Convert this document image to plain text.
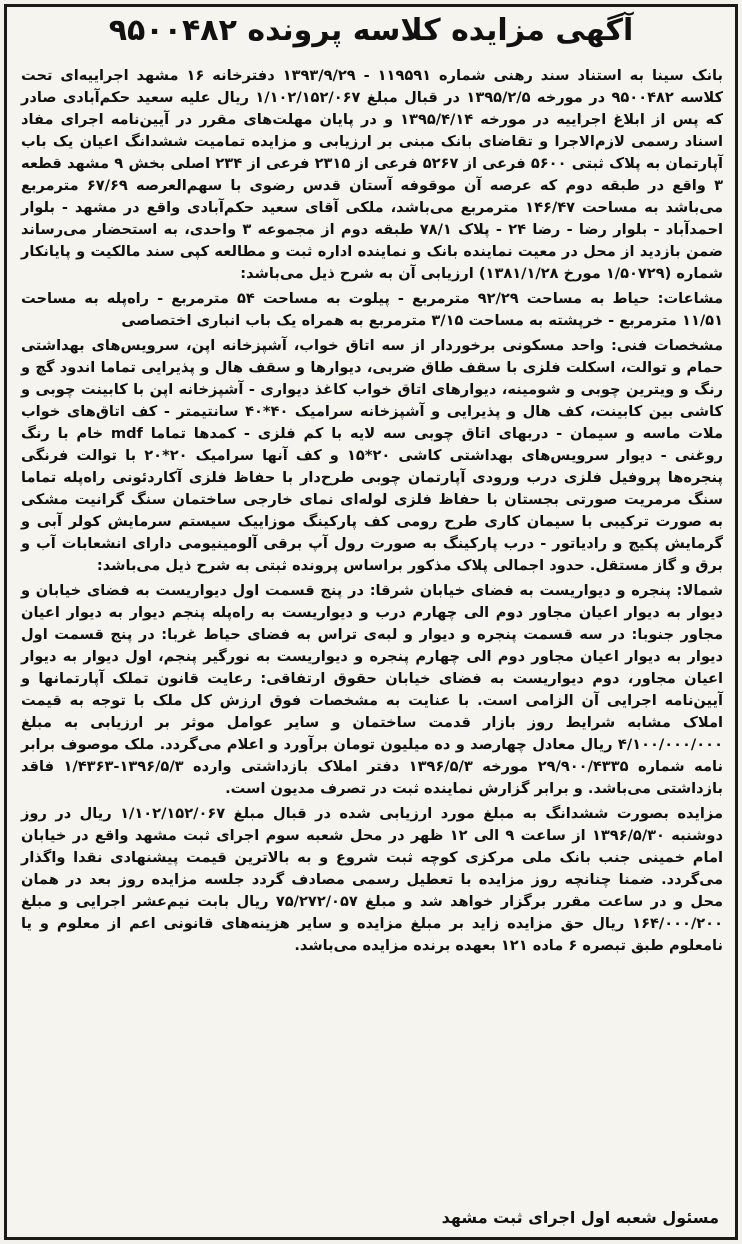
آگهی مزایده کلاسه پرونده ۹۵۰۰۴۸۲

بانک سینا به استناد سند رهنی شماره ۱۱۹۵۹۱ - ۱۳۹۳/۹/۲۹ دفترخانه ۱۶ مشهد اجراییه‌ای تحت کلاسه ۹۵۰۰۴۸۲ در مورخه ۱۳۹۵/۲/۵ در قبال مبلغ ۱/۱۰۲/۱۵۲/۰۶۷ ریال علیه سعید حکم‌آبادی صادر که پس از ابلاغ اجراییه در مورخه ۱۳۹۵/۴/۱۴ و در پایان مهلت‌های مقرر در آیین‌نامه اجرای مفاد اسناد رسمی لازم‌الاجرا و تقاضای بانک مبنی بر ارزیابی و مزایده تمامیت ششدانگ اعیان یک باب آپارتمان به پلاک ثبتی ۵۶۰۰ فرعی از ۵۲۶۷ فرعی از ۲۳۱۵ فرعی از ۲۳۴ اصلی بخش ۹ مشهد قطعه ۳ واقع در طبقه دوم که عرصه آن موقوفه آستان قدس رضوی با سهم‌العرصه ۶۷/۶۹ مترمربع می‌باشد به مساحت ۱۴۶/۴۷ مترمربع می‌باشد، ملکی آقای سعید حکم‌آبادی واقع در مشهد - بلوار احمدآباد - بلوار رضا - رضا ۲۴ - پلاک ۷۸/۱ طبقه دوم از مجموعه ۳ واحدی، به استحضار می‌رساند ضمن بازدید از محل در معیت نماینده بانک و نماینده اداره ثبت و مطالعه کپی سند مالکیت و پایانکار شماره (۱/۵۰۷۲۹ مورخ ۱۳۸۱/۱/۲۸) ارزیابی آن به شرح ذیل می‌باشد:

مشاعات: حیاط به مساحت ۹۲/۲۹ مترمربع - پیلوت به مساحت ۵۴ مترمربع - راه‌پله به مساحت ۱۱/۵۱ مترمربع - خرپشته به مساحت ۳/۱۵ مترمربع به همراه یک باب انباری اختصاصی

مشخصات فنی: واحد مسکونی برخوردار از سه اتاق خواب، آشپزخانه اپن، سرویس‌های بهداشتی حمام و توالت، اسکلت فلزی با سقف طاق ضربی، دیوارها و سقف هال و پذیرایی تماما اندود گچ و رنگ و ویترین چوبی و شومینه، دیوارهای اتاق خواب کاغذ دیواری - آشپزخانه اپن با کابینت چوبی و کاشی بین کابینت، کف هال و پذیرایی و آشپزخانه سرامیک ۴۰*۴۰ سانتیمتر - کف اتاق‌های خواب ملات ماسه و سیمان - دربهای اتاق چوبی سه لایه با کم فلزی - کمدها تماما mdf خام با رنگ روغنی - دیوار سرویس‌های بهداشتی کاشی ۲۰*۱۵ و کف آنها سرامیک ۲۰*۲۰ با توالت فرنگی پنجره‌ها پروفیل فلزی درب ورودی آپارتمان چوبی طرح‌دار با حفاظ فلزی آکاردئونی راه‌پله تماما سنگ مرمریت صورتی بجستان با حفاظ فلزی لوله‌ای نمای خارجی ساختمان سنگ گرانیت مشکی به صورت ترکیبی با سیمان کاری طرح رومی کف پارکینگ موزاییک سیستم سرمایش کولر آبی و گرمایش پکیج و رادیاتور - درب پارکینگ به صورت رول آپ برقی آلومینیومی دارای انشعابات آب و برق و گاز مستقل. حدود اجمالی پلاک مذکور براساس پرونده ثبتی به شرح ذیل می‌باشد:

شمالا: پنجره و دیواریست به فضای خیابان شرقا: در پنج قسمت اول دیواریست به فضای خیابان و دیوار به دیوار اعیان مجاور دوم الی چهارم درب و دیواریست به راه‌پله پنجم دیوار به دیوار اعیان مجاور جنوبا: در سه قسمت پنجره و دیوار و لبه‌ی تراس به فضای حیاط غربا: در پنج قسمت اول دیوار به دیوار اعیان مجاور دوم الی چهارم پنجره و دیواریست به نورگیر پنجم، اول دیوار به دیوار اعیان مجاور، دوم دیواریست به فضای خیابان حقوق ارتفاقی: رعایت قانون تملک آپارتمانها و آیین‌نامه اجرایی آن الزامی است. با عنایت به مشخصات فوق ارزش کل ملک با توجه به قیمت املاک مشابه شرایط روز بازار قدمت ساختمان و سایر عوامل موثر بر ارزیابی به مبلغ ۴/۱۰۰/۰۰۰/۰۰۰ ریال معادل چهارصد و ده میلیون تومان برآورد و اعلام می‌گردد. ملک موصوف برابر نامه شماره ۲۹/۹۰۰/۴۳۳۵ مورخه ۱۳۹۶/۵/۳ دفتر املاک بازداشتی وارده ۱۳۹۶/۵/۳-۱/۴۳۶۳ فاقد بازداشتی می‌باشد. و برابر گزارش نماینده ثبت در تصرف مدیون است.

مزایده بصورت ششدانگ به مبلغ مورد ارزیابی شده در قبال مبلغ ۱/۱۰۲/۱۵۲/۰۶۷ ریال در روز دوشنبه ۱۳۹۶/۵/۳۰ از ساعت ۹ الی ۱۲ ظهر در محل شعبه سوم اجرای ثبت مشهد واقع در خیابان امام خمینی جنب بانک ملی مرکزی کوچه ثبت شروع و به بالاترین قیمت پیشنهادی نقدا واگذار می‌گردد. ضمنا چنانچه روز مزایده با تعطیل رسمی مصادف گردد جلسه مزایده روز بعد در همان محل و در ساعت مقرر برگزار خواهد شد و مبلغ ۷۵/۲۷۲/۰۵۷ ریال بابت نیم‌عشر اجرایی و مبلغ ۱۶۴/۰۰۰/۲۰۰ ریال حق مزایده زاید بر مبلغ مزایده و سایر هزینه‌های قانونی اعم از معلوم و یا نامعلوم طبق تبصره ۶ ماده ۱۲۱ بعهده برنده مزایده می‌باشد.

مسئول شعبه اول اجرای ثبت مشهد
